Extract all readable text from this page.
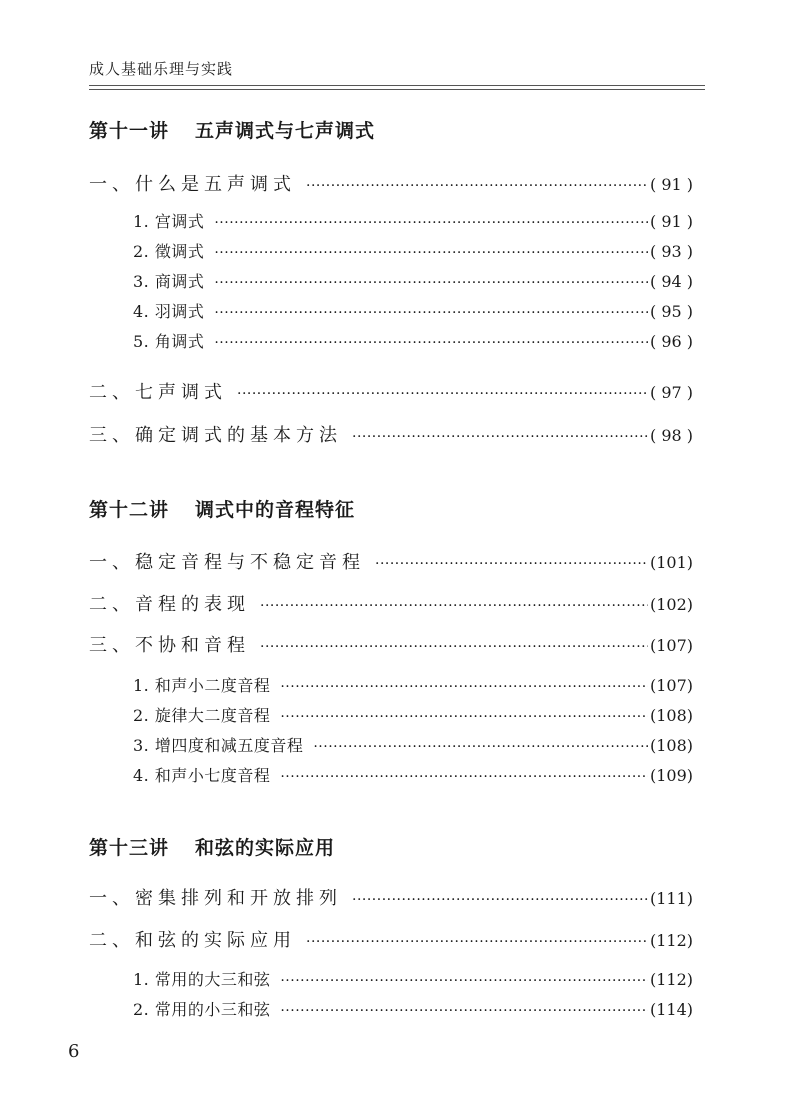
成人基础乐理与实践
第十一讲 五声调式与七声调式
一、什么是五声调式 ·····	( 91 )
1. 宫调式 ·····	( 91 )
2. 徵调式 ·····	( 93 )
3. 商调式 ·····	( 94 )
4. 羽调式 ·····	( 95 )
5. 角调式 ·····	( 96 )
二、七声调式 ·····	( 97 )
三、确定调式的基本方法 ·····	( 98 )
第十二讲 调式中的音程特征
一、稳定音程与不稳定音程 ·····	(101)
二、音程的表现 ·····	(102)
三、不协和音程 ·····	(107)
1. 和声小二度音程 ·····	(107)
2. 旋律大二度音程 ·····	(108)
3. 增四度和减五度音程 ·····	(108)
4. 和声小七度音程 ·····	(109)
第十三讲 和弦的实际应用
一、密集排列和开放排列 ·····	(111)
二、和弦的实际应用 ·····	(112)
1. 常用的大三和弦 ·····	(112)
2. 常用的小三和弦 ·····	(114)
6
